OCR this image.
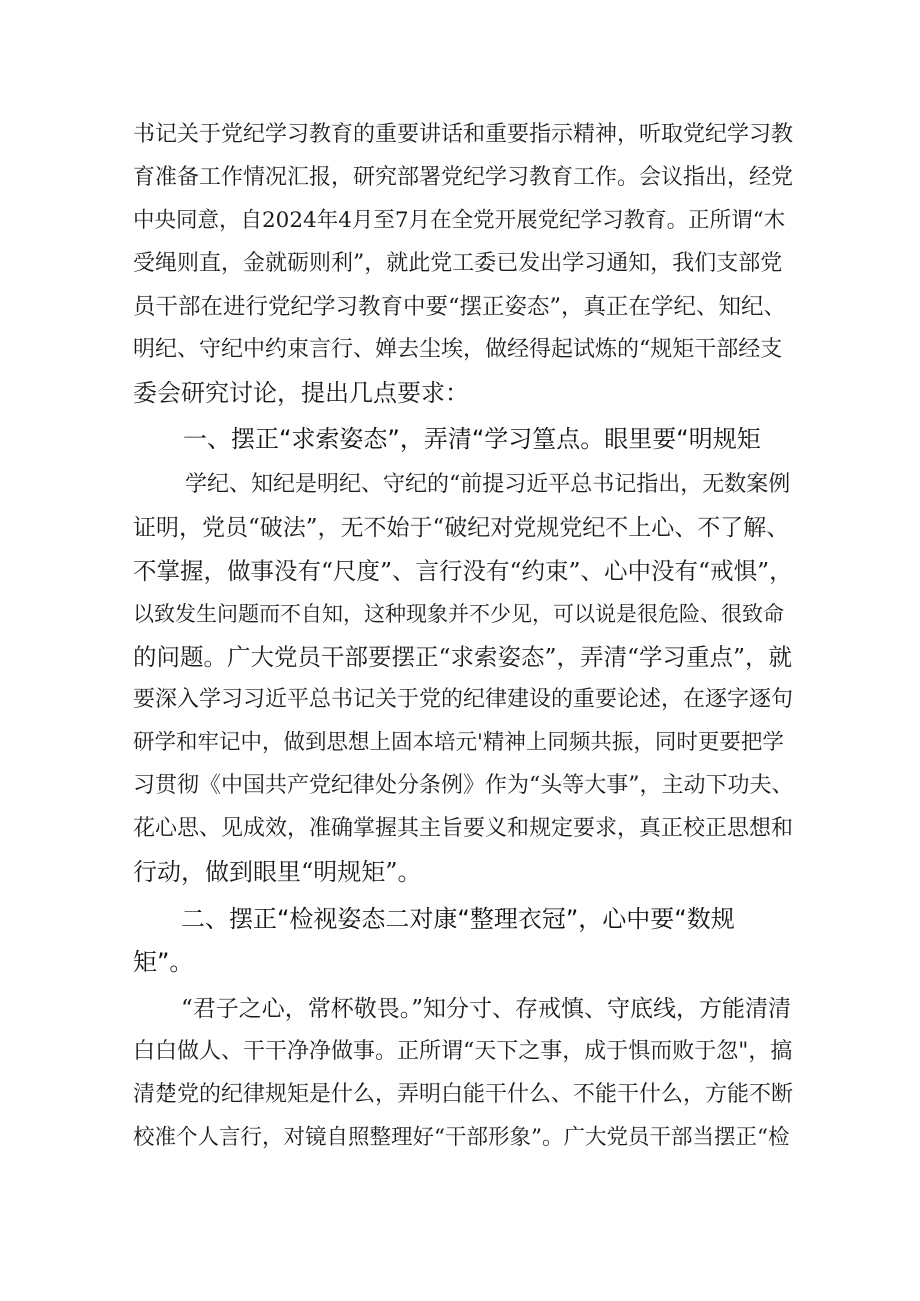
书记关于党纪学习教育的重要讲话和重要指示精神，听取党纪学习教
育准备工作情况汇报，研究部署党纪学习教育工作。会议指出，经党
中央同意，自2024年4月至7月在全党开展党纪学习教育。正所谓“木
受绳则直，金就砺则利”，就此党工委已发出学习通知，我们支部党
员干部在进行党纪学习教育中要“摆正姿态”，真正在学纪、知纪、
明纪、守纪中约束言行、婵去尘埃，做经得起试炼的“规矩干部经支
委会研究讨论，提出几点要求：
一、摆正“求索姿态”，弄清“学习篁点。眼里要“明规矩
学纪、知纪是明纪、守纪的“前提习近平总书记指出，无数案例
证明，党员“破法”，无不始于“破纪对党规党纪不上心、不了解、
不掌握，做事没有“尺度”、言行没有“约束”、心中没有“戒惧”，
以致发生问题而不自知，这种现象并不少见，可以说是很危险、很致命
的问题。广大党员干部要摆正“求索姿态”，弄清“学习重点”，就
要深入学习习近平总书记关于党的纪律建设的重要论述，在逐字逐句
研学和牢记中，做到思想上固本培元'精神上同频共振，同时更要把学
习贯彻《中国共产党纪律处分条例》作为“头等大事”，主动下功夫、
花心思、见成效，准确掌握其主旨要义和规定要求，真正校正思想和
行动，做到眼里“明规矩”。
二、摆正“检视姿态二对康“整理衣冠”，心中要“数规
矩”。
“君子之心，常杯敬畏。”知分寸、存戒慎、守底线，方能清清
白白做人、干干净净做事。正所谓“天下之事，成于惧而败于忽"，搞
清楚党的纪律规矩是什么，弄明白能干什么、不能干什么，方能不断
校准个人言行，对镜自照整理好“干部形象”。广大党员干部当摆正“检
